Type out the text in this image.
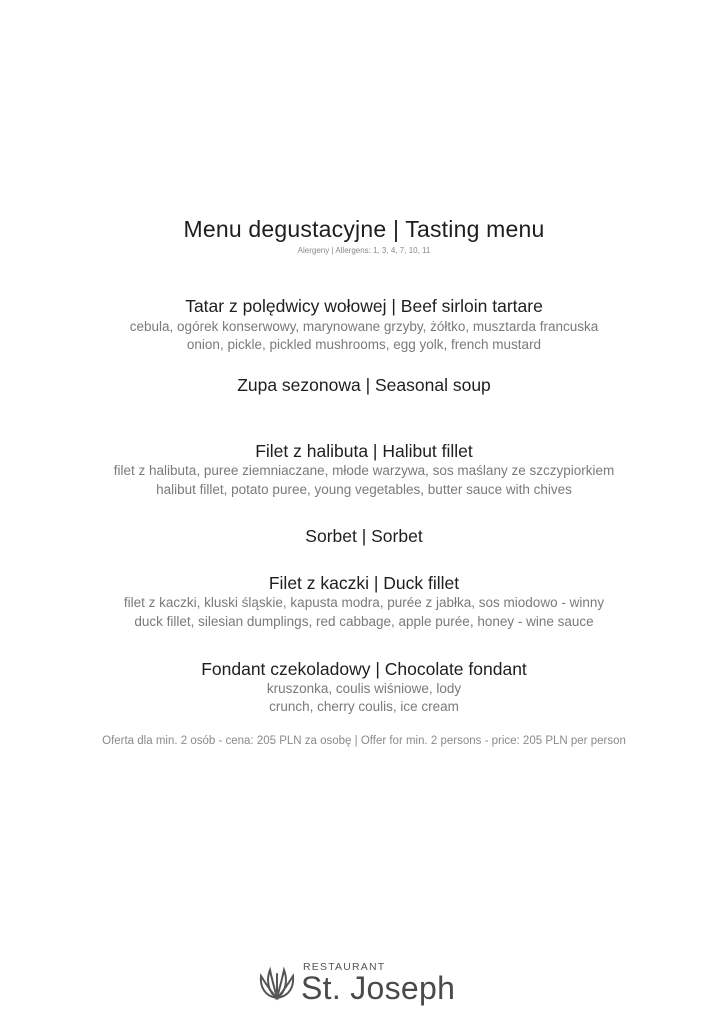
Menu degustacyjne | Tasting menu
Alergeny | Allergens: 1, 3, 4, 7, 10, 11
Tatar z polędwicy wołowej | Beef sirloin tartare
cebula, ogórek konserwowy, marynowane grzyby, żółtko, musztarda francuska
onion, pickle, pickled mushrooms, egg yolk, french mustard
Zupa sezonowa | Seasonal soup
Filet z halibuta | Halibut fillet
filet z halibuta, puree ziemniaczane, młode warzywa, sos maślany ze szczypiorkiem
halibut fillet, potato puree, young vegetables, butter sauce with chives
Sorbet | Sorbet
Filet z kaczki | Duck fillet
filet z kaczki, kluski śląskie, kapusta modra, purée z jabłka, sos miodowo - winny
duck fillet, silesian dumplings, red cabbage, apple purée, honey - wine sauce
Fondant czekoladowy | Chocolate fondant
kruszonka, coulis wiśniowe, lody
crunch, cherry coulis, ice cream
Oferta dla min. 2 osób - cena: 205 PLN za osobę | Offer for min. 2 persons - price: 205 PLN per person
RESTAURANT
St. Joseph
